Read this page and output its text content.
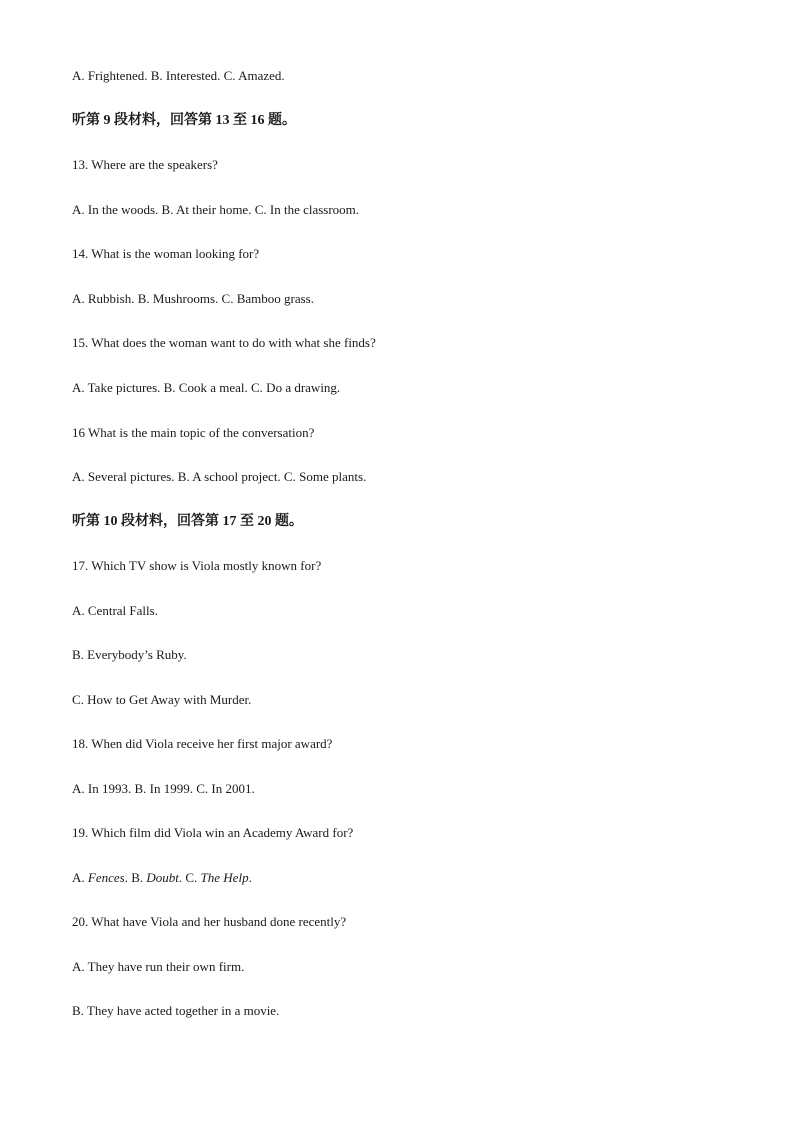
A. Frightened. B. Interested. C. Amazed.
听第 9 段材料，回答第 13 至 16 题。
13. Where are the speakers?
A. In the woods. B. At their home. C. In the classroom.
14. What is the woman looking for?
A. Rubbish. B. Mushrooms. C. Bamboo grass.
15. What does the woman want to do with what she finds?
A. Take pictures. B. Cook a meal. C. Do a drawing.
16 What is the main topic of the conversation?
A. Several pictures. B. A school project. C. Some plants.
听第 10 段材料，回答第 17 至 20 题。
17. Which TV show is Viola mostly known for?
A. Central Falls.
B. Everybody’s Ruby.
C. How to Get Away with Murder.
18. When did Viola receive her first major award?
A. In 1993. B. In 1999. C. In 2001.
19. Which film did Viola win an Academy Award for?
A. Fences. B. Doubt. C. The Help.
20. What have Viola and her husband done recently?
A. They have run their own firm.
B. They have acted together in a movie.
